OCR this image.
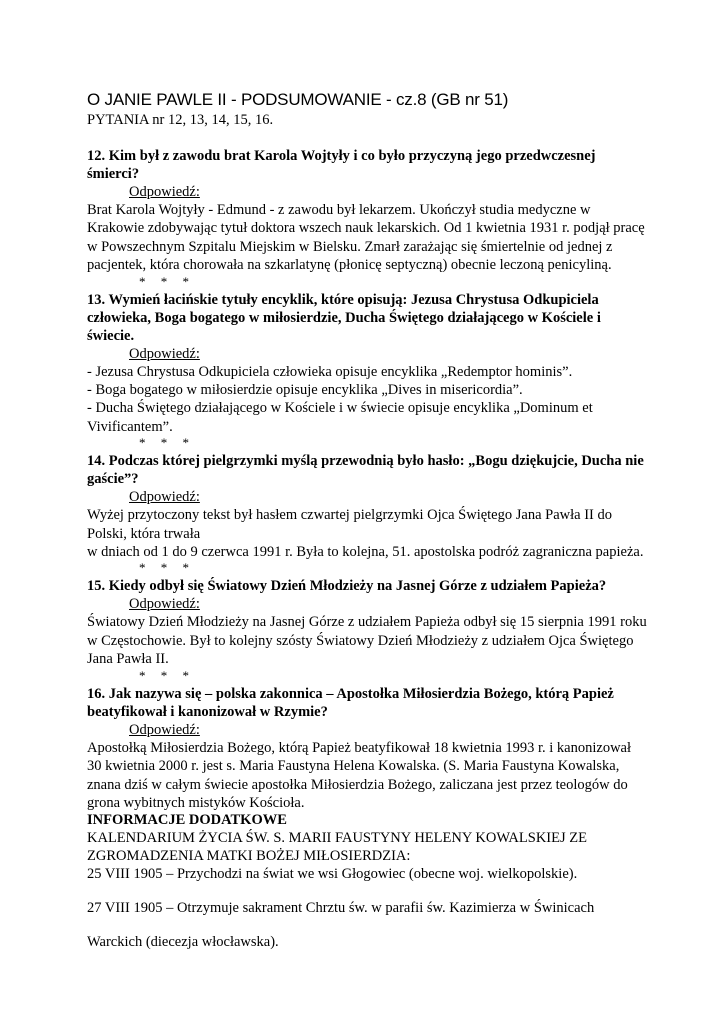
O JANIE PAWLE II - PODSUMOWANIE - cz.8 (GB nr 51)

PYTANIA nr 12, 13, 14, 15, 16.

12. Kim był z zawodu brat Karola Wojtyły i co było przyczyną jego przedwczesnej śmierci?

Odpowiedź:

Brat Karola Wojtyły - Edmund - z zawodu był lekarzem. Ukończył studia medyczne w Krakowie zdobywając tytuł doktora wszech nauk lekarskich. Od 1 kwietnia 1931 r. podjął pracę w Powszechnym Szpitalu Miejskim w Bielsku. Zmarł zarażając się śmiertelnie od jednej z pacjentek, która chorowała na szkarlatynę (płonicę septyczną) obecnie leczoną penicyliną.

* * *

13. Wymień łacińskie tytuły encyklik, które opisują: Jezusa Chrystusa Odkupiciela człowieka, Boga bogatego w miłosierdzie, Ducha Świętego działającego w Kościele i świecie.

Odpowiedź:

- Jezusa Chrystusa Odkupiciela człowieka opisuje encyklika „Redemptor hominis”.

- Boga bogatego w miłosierdzie opisuje encyklika „Dives in misericordia”.

- Ducha Świętego działającego w Kościele i w świecie opisuje encyklika „Dominum et Vivificantem”.

* * *

14. Podczas której pielgrzymki myślą przewodnią było hasło: „Bogu dziękujcie, Ducha nie gaście”?

Odpowiedź:

Wyżej przytoczony tekst był hasłem czwartej pielgrzymki Ojca Świętego Jana Pawła II do Polski, która trwała

w dniach od 1 do 9 czerwca 1991 r. Była to kolejna, 51. apostolska podróż zagraniczna papieża.

* * *

15. Kiedy odbył się Światowy Dzień Młodzieży na Jasnej Górze z udziałem Papieża?

Odpowiedź:

Światowy Dzień Młodzieży na Jasnej Górze z udziałem Papieża odbył się 15 sierpnia 1991 roku w Częstochowie. Był to kolejny szósty Światowy Dzień Młodzieży z udziałem Ojca Świętego Jana Pawła II.

* * *

16. Jak nazywa się – polska zakonnica – Apostołka Miłosierdzia Bożego, którą Papież beatyfikował i kanonizował w Rzymie?

Odpowiedź:

Apostołką Miłosierdzia Bożego, którą Papież beatyfikował 18 kwietnia 1993 r. i kanonizował 30 kwietnia 2000 r. jest s. Maria Faustyna Helena Kowalska. (S. Maria Faustyna Kowalska, znana dziś w całym świecie apostołka Miłosierdzia Bożego, zaliczana jest przez teologów do grona wybitnych mistyków Kościoła.

INFORMACJE DODATKOWE

KALENDARIUM ŻYCIA ŚW. S. MARII FAUSTYNY HELENY KOWALSKIEJ ZE ZGROMADZENIA MATKI BOŻEJ MIŁOSIERDZIA:

25 VIII 1905 – Przychodzi na świat we wsi Głogowiec (obecne woj. wielkopolskie).

27 VIII 1905 – Otrzymuje sakrament Chrztu św. w parafii św. Kazimierza w Świnicach Warckich (diecezja włocławska).
